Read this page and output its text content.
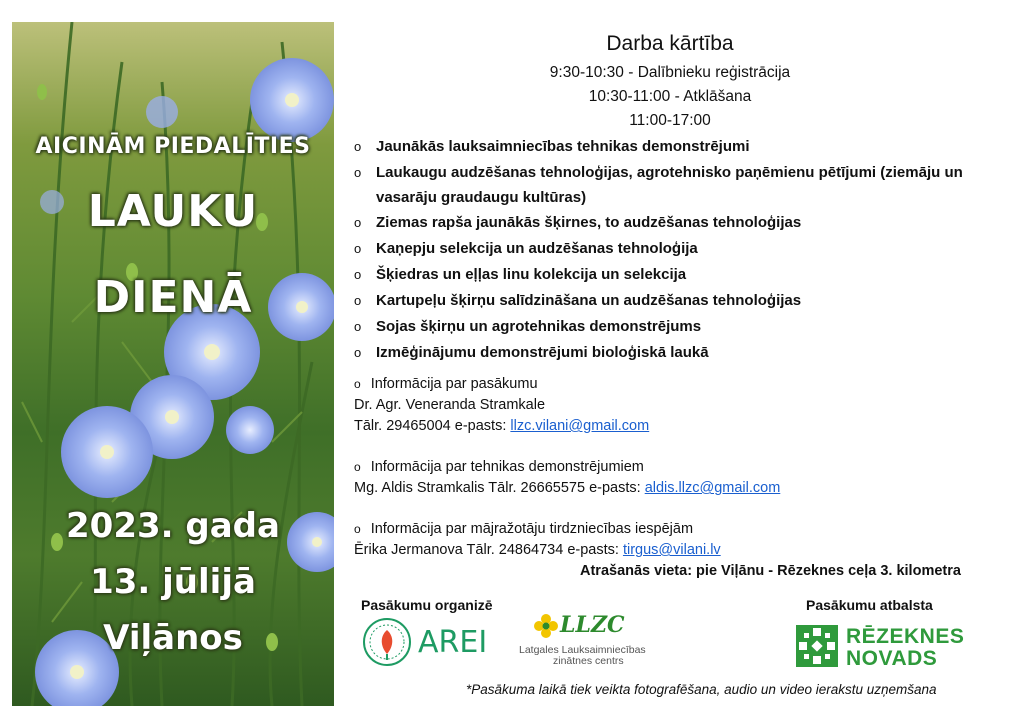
AICINĀM PIEDALĪTIES
LAUKU
DIENĀ
2023. gada
13. jūlijā
Viļānos
Darba kārtība
9:30-10:30 - Dalībnieku reģistrācija
10:30-11:00 - Atklāšana
11:00-17:00
o Jaunākās lauksaimniecības tehnikas demonstrējumi
o Laukaugu audzēšanas tehnoloģijas, agrotehnisko paņēmienu pētījumi (ziemāju un vasarāju graudaugu kultūras)
o Ziemas rapša jaunākās šķirnes, to audzēšanas tehnoloģijas
o Kaņepju selekcija un audzēšanas tehnoloģija
o Šķiedras un eļļas linu kolekcija un selekcija
o Kartupeļu šķirņu salīdzināšana un audzēšanas tehnoloģijas
o Sojas šķirņu un agrotehnikas demonstrējums
o Izmēģinājumu demonstrējumi bioloģiskā laukā
o Informācija par pasākumu
Dr. Agr. Veneranda Stramkale
Tālr. 29465004 e-pasts: llzc.vilani@gmail.com
o Informācija par tehnikas demonstrējumiem
Mg. Aldis Stramkalis Tālr. 26665575 e-pasts: aldis.llzc@gmail.com
o Informācija par mājražotāju tirdzniecības iespējām
Ērika Jermanova Tālr. 24864734 e-pasts: tirgus@vilani.lv
Atrašanās vieta: pie Viļānu - Rēzeknes ceļa 3. kilometra
Pasākumu organizē	Pasākumu atbalsta
AREI	LLZC
Latgales Lauksaimniecības
zinātnes centrs
RĒZEKNES
NOVADS
*Pasākuma laikā tiek veikta fotografēšana, audio un video ierakstu uzņemšana
